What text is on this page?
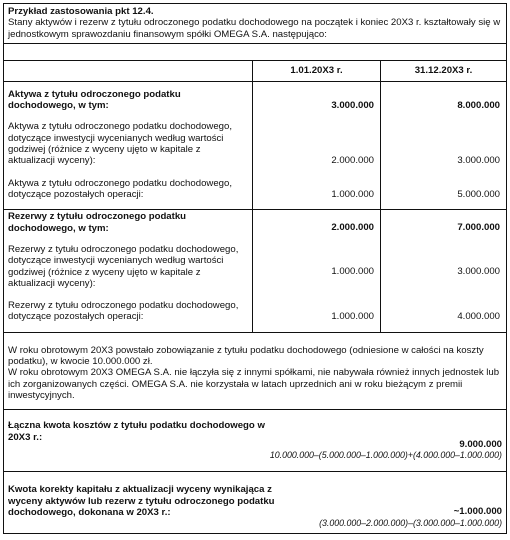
Przykład zastosowania pkt 12.4.
Stany aktywów i rezerw z tytułu odroczonego podatku dochodowego na początek i koniec 20X3 r. kształtowały się w jednostkowym sprawozdaniu finansowym spółki OMEGA S.A. następująco:
	1.01.20X3 r.	31.12.20X3 r.
Aktywa z tytułu odroczonego podatku dochodowego, w tym:	3.000.000	8.000.000
Aktywa z tytułu odroczonego podatku dochodowego, dotyczące inwestycji wycenianych według wartości godziwej (różnice z wyceny ujęto w kapitale z aktualizacji wyceny):	2.000.000	3.000.000
Aktywa z tytułu odroczonego podatku dochodowego, dotyczące pozostałych operacji:	1.000.000	5.000.000
Rezerwy z tytułu odroczonego podatku dochodowego, w tym:	2.000.000	7.000.000
Rezerwy z tytułu odroczonego podatku dochodowego, dotyczące inwestycji wycenianych według wartości godziwej (różnice z wyceny ujęto w kapitale z aktualizacji wyceny):	1.000.000	3.000.000
Rezerwy z tytułu odroczonego podatku dochodowego, dotyczące pozostałych operacji:	1.000.000	4.000.000
W roku obrotowym 20X3 powstało zobowiązanie z tytułu podatku dochodowego (odniesione w całości na koszty podatku), w kwocie 10.000.000 zł.
W roku obrotowym 20X3 OMEGA S.A. nie łączyła się z innymi spółkami, nie nabywała również innych jednostek lub ich zorganizowanych części. OMEGA S.A. nie korzystała w latach uprzednich ani w roku bieżącym z premii inwestycyjnych.
Łączna kwota kosztów z tytułu podatku dochodowego w 20X3 r.:
9.000.000
10.000.000–(5.000.000–1.000.000)+(4.000.000–1.000.000)
Kwota korekty kapitału z aktualizacji wyceny wynikająca z wyceny aktywów lub rezerw z tytułu odroczonego podatku dochodowego, dokonana w 20X3 r.:	~1.000.000
(3.000.000–2.000.000)–(3.000.000–1.000.000)
